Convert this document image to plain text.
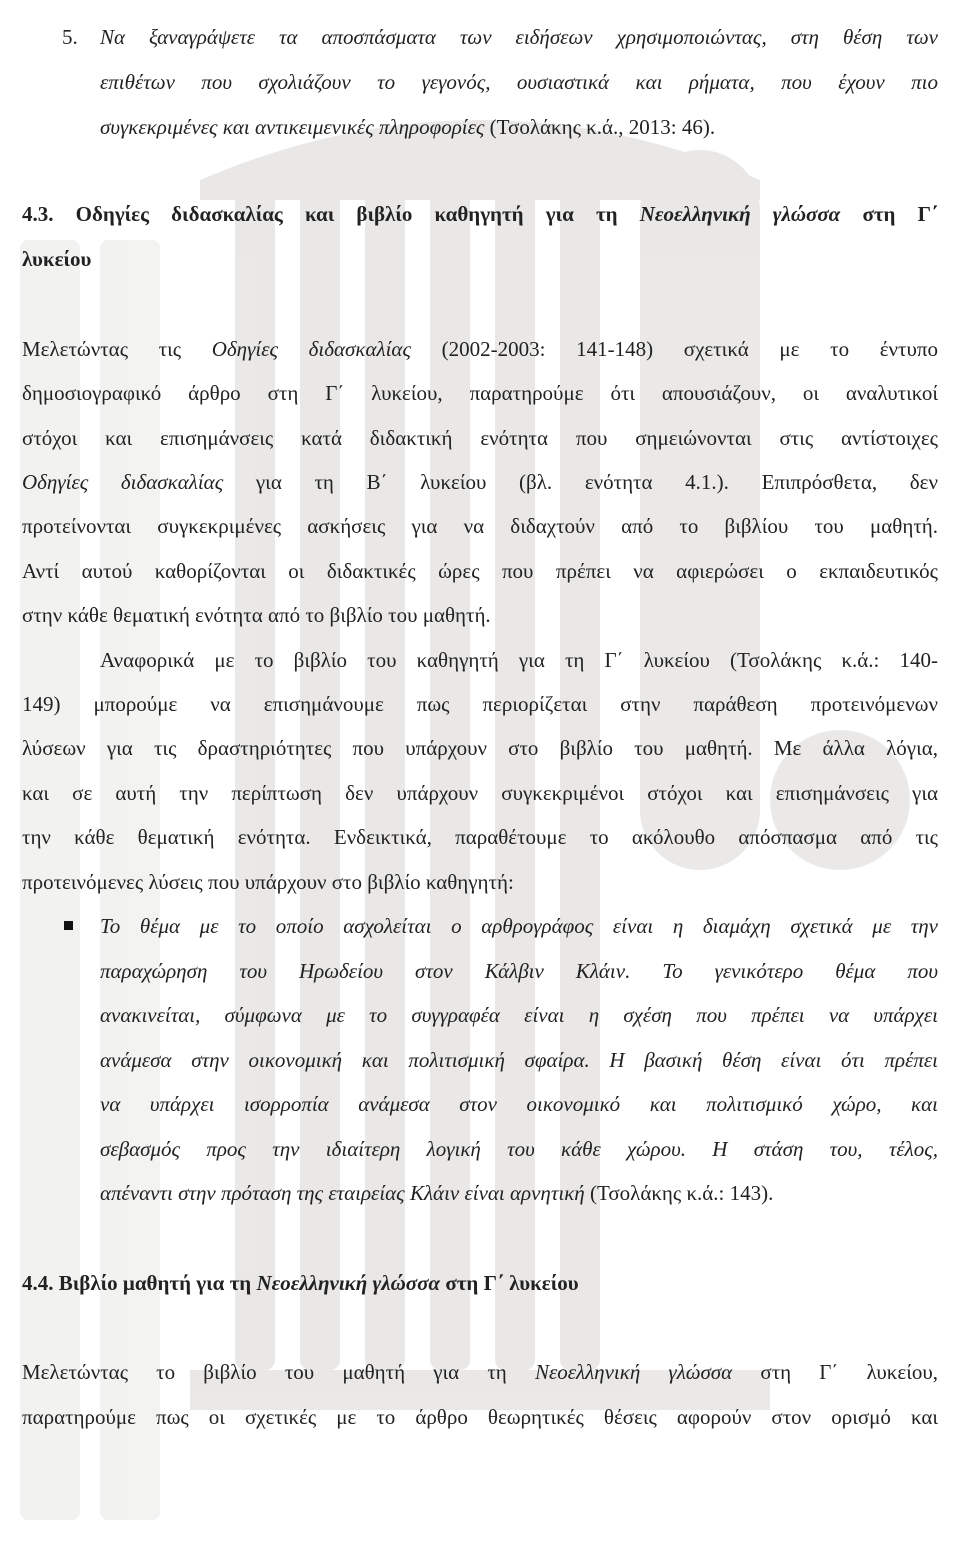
5. Να ξαναγράψετε τα αποσπάσματα των ειδήσεων χρησιμοποιώντας, στη θέση των
επιθέτων που σχολιάζουν το γεγονός, ουσιαστικά και ρήματα, που έχουν πιο
συγκεκριμένες και αντικειμενικές πληροφορίες (Τσολάκης κ.ά., 2013: 46).
4.3. Οδηγίες διδασκαλίας και βιβλίο καθηγητή για τη Νεοελληνική γλώσσα στη Γ΄
λυκείου
Μελετώντας τις Οδηγίες διδασκαλίας (2002-2003: 141-148) σχετικά με το έντυπο
δημοσιογραφικό άρθρο στη Γ΄ λυκείου, παρατηρούμε ότι απουσιάζουν, οι αναλυτικοί
στόχοι και επισημάνσεις κατά διδακτική ενότητα που σημειώνονται στις αντίστοιχες
Οδηγίες διδασκαλίας για τη Β΄ λυκείου (βλ. ενότητα 4.1.). Επιπρόσθετα, δεν
προτείνονται συγκεκριμένες ασκήσεις για να διδαχτούν από το βιβλίου του μαθητή.
Αντί αυτού καθορίζονται οι διδακτικές ώρες που πρέπει να αφιερώσει ο εκπαιδευτικός
στην κάθε θεματική ενότητα από το βιβλίο του μαθητή.
Αναφορικά με το βιβλίο του καθηγητή για τη Γ΄ λυκείου (Τσολάκης κ.ά.: 140-
149) μπορούμε να επισημάνουμε πως περιορίζεται στην παράθεση προτεινόμενων
λύσεων για τις δραστηριότητες που υπάρχουν στο βιβλίο του μαθητή. Με άλλα λόγια,
και σε αυτή την περίπτωση δεν υπάρχουν συγκεκριμένοι στόχοι και επισημάνσεις για
την κάθε θεματική ενότητα. Ενδεικτικά, παραθέτουμε το ακόλουθο απόσπασμα από τις
προτεινόμενες λύσεις που υπάρχουν στο βιβλίο καθηγητή:
Το θέμα με το οποίο ασχολείται ο αρθρογράφος είναι η διαμάχη σχετικά με την
παραχώρηση του Ηρωδείου στον Κάλβιν Κλάιν. Το γενικότερο θέμα που
ανακινείται, σύμφωνα με το συγγραφέα είναι η σχέση που πρέπει να υπάρχει
ανάμεσα στην οικονομική και πολιτισμική σφαίρα. Η βασική θέση είναι ότι πρέπει
να υπάρχει ισορροπία ανάμεσα στον οικονομικό και πολιτισμικό χώρο, και
σεβασμός προς την ιδιαίτερη λογική του κάθε χώρου. Η στάση του, τέλος,
απέναντι στην πρόταση της εταιρείας Κλάιν είναι αρνητική (Τσολάκης κ.ά.: 143).
4.4. Βιβλίο μαθητή για τη Νεοελληνική γλώσσα στη Γ΄ λυκείου
Μελετώντας το βιβλίο του μαθητή για τη Νεοελληνική γλώσσα στη Γ΄ λυκείου,
παρατηρούμε πως οι σχετικές με το άρθρο θεωρητικές θέσεις αφορούν στον ορισμό και
